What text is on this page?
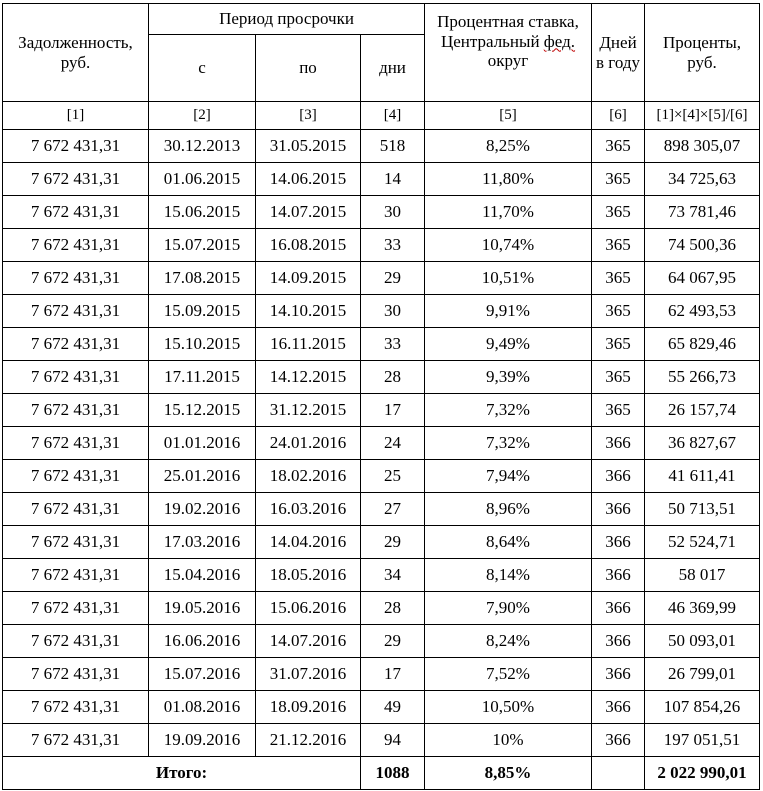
Задолженность, руб.	Период просрочки			Процентная ставка, Центральный фед. округ	Дней в году	Проценты, руб.
	с	по	дни			
[1]	[2]	[3]	[4]	[5]	[6]	[1]×[4]×[5]/[6]
7 672 431,31	30.12.2013	31.05.2015	518	8,25%	365	898 305,07
7 672 431,31	01.06.2015	14.06.2015	14	11,80%	365	34 725,63
7 672 431,31	15.06.2015	14.07.2015	30	11,70%	365	73 781,46
7 672 431,31	15.07.2015	16.08.2015	33	10,74%	365	74 500,36
7 672 431,31	17.08.2015	14.09.2015	29	10,51%	365	64 067,95
7 672 431,31	15.09.2015	14.10.2015	30	9,91%	365	62 493,53
7 672 431,31	15.10.2015	16.11.2015	33	9,49%	365	65 829,46
7 672 431,31	17.11.2015	14.12.2015	28	9,39%	365	55 266,73
7 672 431,31	15.12.2015	31.12.2015	17	7,32%	365	26 157,74
7 672 431,31	01.01.2016	24.01.2016	24	7,32%	366	36 827,67
7 672 431,31	25.01.2016	18.02.2016	25	7,94%	366	41 611,41
7 672 431,31	19.02.2016	16.03.2016	27	8,96%	366	50 713,51
7 672 431,31	17.03.2016	14.04.2016	29	8,64%	366	52 524,71
7 672 431,31	15.04.2016	18.05.2016	34	8,14%	366	58 017
7 672 431,31	19.05.2016	15.06.2016	28	7,90%	366	46 369,99
7 672 431,31	16.06.2016	14.07.2016	29	8,24%	366	50 093,01
7 672 431,31	15.07.2016	31.07.2016	17	7,52%	366	26 799,01
7 672 431,31	01.08.2016	18.09.2016	49	10,50%	366	107 854,26
7 672 431,31	19.09.2016	21.12.2016	94	10%	366	197 051,51
Итого:			1088	8,85%		2 022 990,01
